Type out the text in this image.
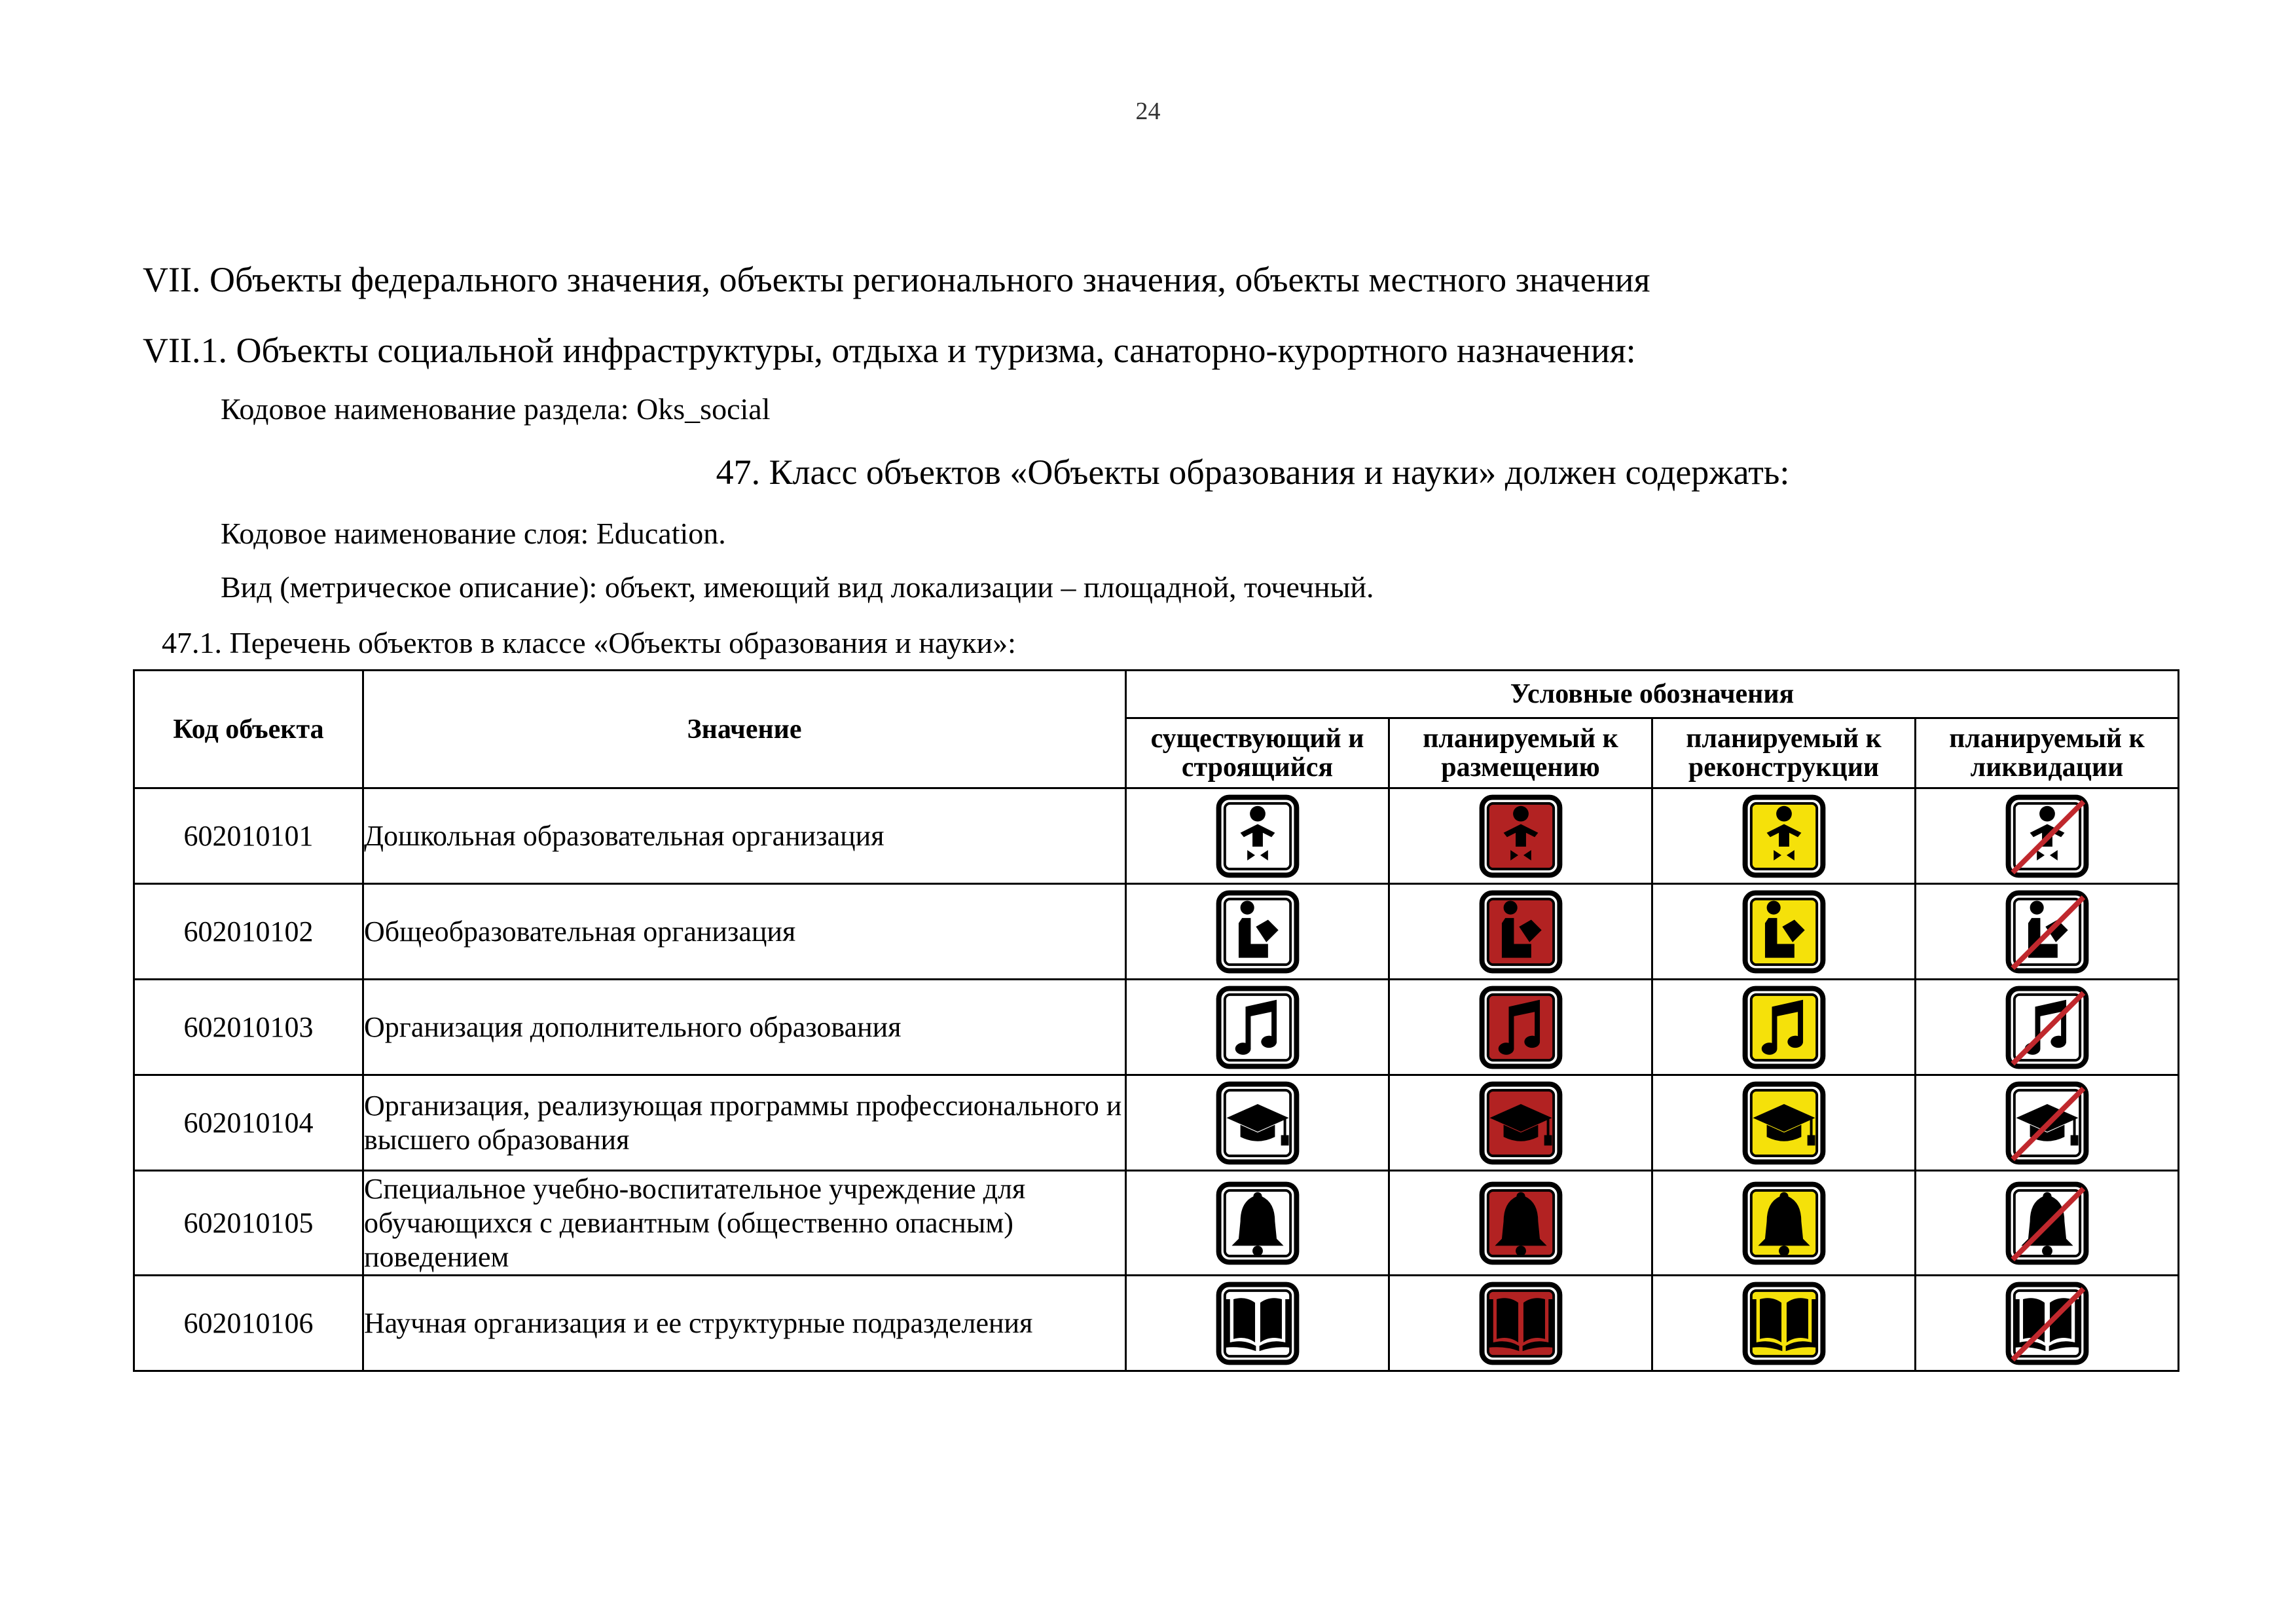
24
VII. Объекты федерального значения, объекты регионального значения, объекты местного значения
VII.1. Объекты социальной инфраструктуры, отдыха и туризма, санаторно-курортного назначения:
Кодовое наименование раздела: Oks_social
47. Класс объектов «Объекты образования и науки» должен содержать:
Кодовое наименование слоя: Education.
Вид (метрическое описание): объект, имеющий вид локализации – площадной, точечный.
47.1. Перечень объектов в классе «Объекты образования и науки»:
Код объекта	Значение	Условные обозначения			
		существующий и строящийся	планируемый к размещению	планируемый к реконструкции	планируемый к ликвидации
602010101	Дошкольная образовательная организация	

602010102	Общеобразовательная организация	

602010103	Организация дополнительного образования	

602010104	Организация, реализующая программы профессионального и высшего образования	

602010105	Специальное учебно-воспитательное учреждение для обучающихся с девиантным (общественно опасным) поведением	

602010106	Научная организация и ее структурные подразделения	
